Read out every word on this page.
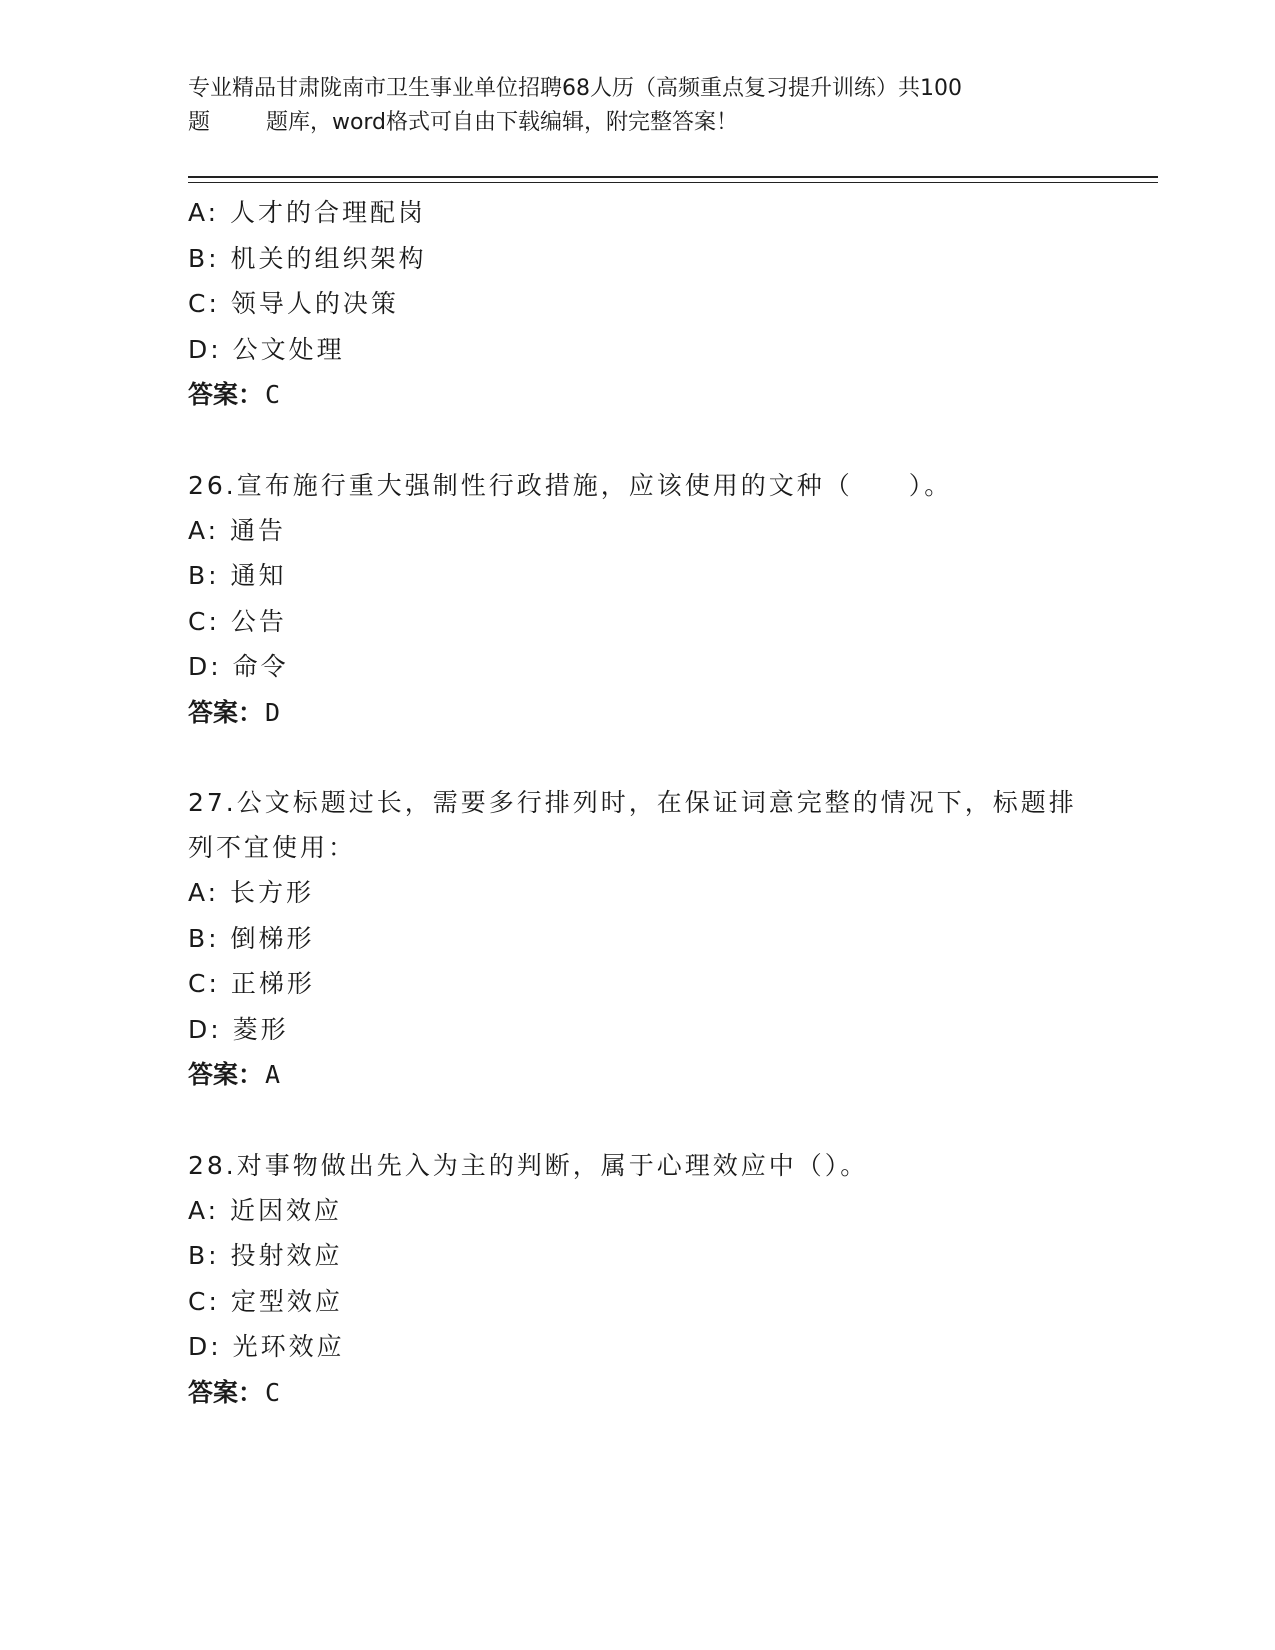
专业精品甘肃陇南市卫生事业单位招聘68人历（高频重点复习提升训练）共100
题        题库，word格式可自由下载编辑，附完整答案！
A: 人才的合理配岗
B: 机关的组织架构
C: 领导人的决策
D: 公文处理
答案：C
26.宣布施行重大强制性行政措施，应该使用的文种（　　）。
A: 通告
B: 通知
C: 公告
D: 命令
答案：D
27.公文标题过长，需要多行排列时，在保证词意完整的情况下，标题排列不宜使用：
A: 长方形
B: 倒梯形
C: 正梯形
D: 菱形
答案：A
28.对事物做出先入为主的判断，属于心理效应中（）。
A: 近因效应
B: 投射效应
C: 定型效应
D: 光环效应
答案：C
